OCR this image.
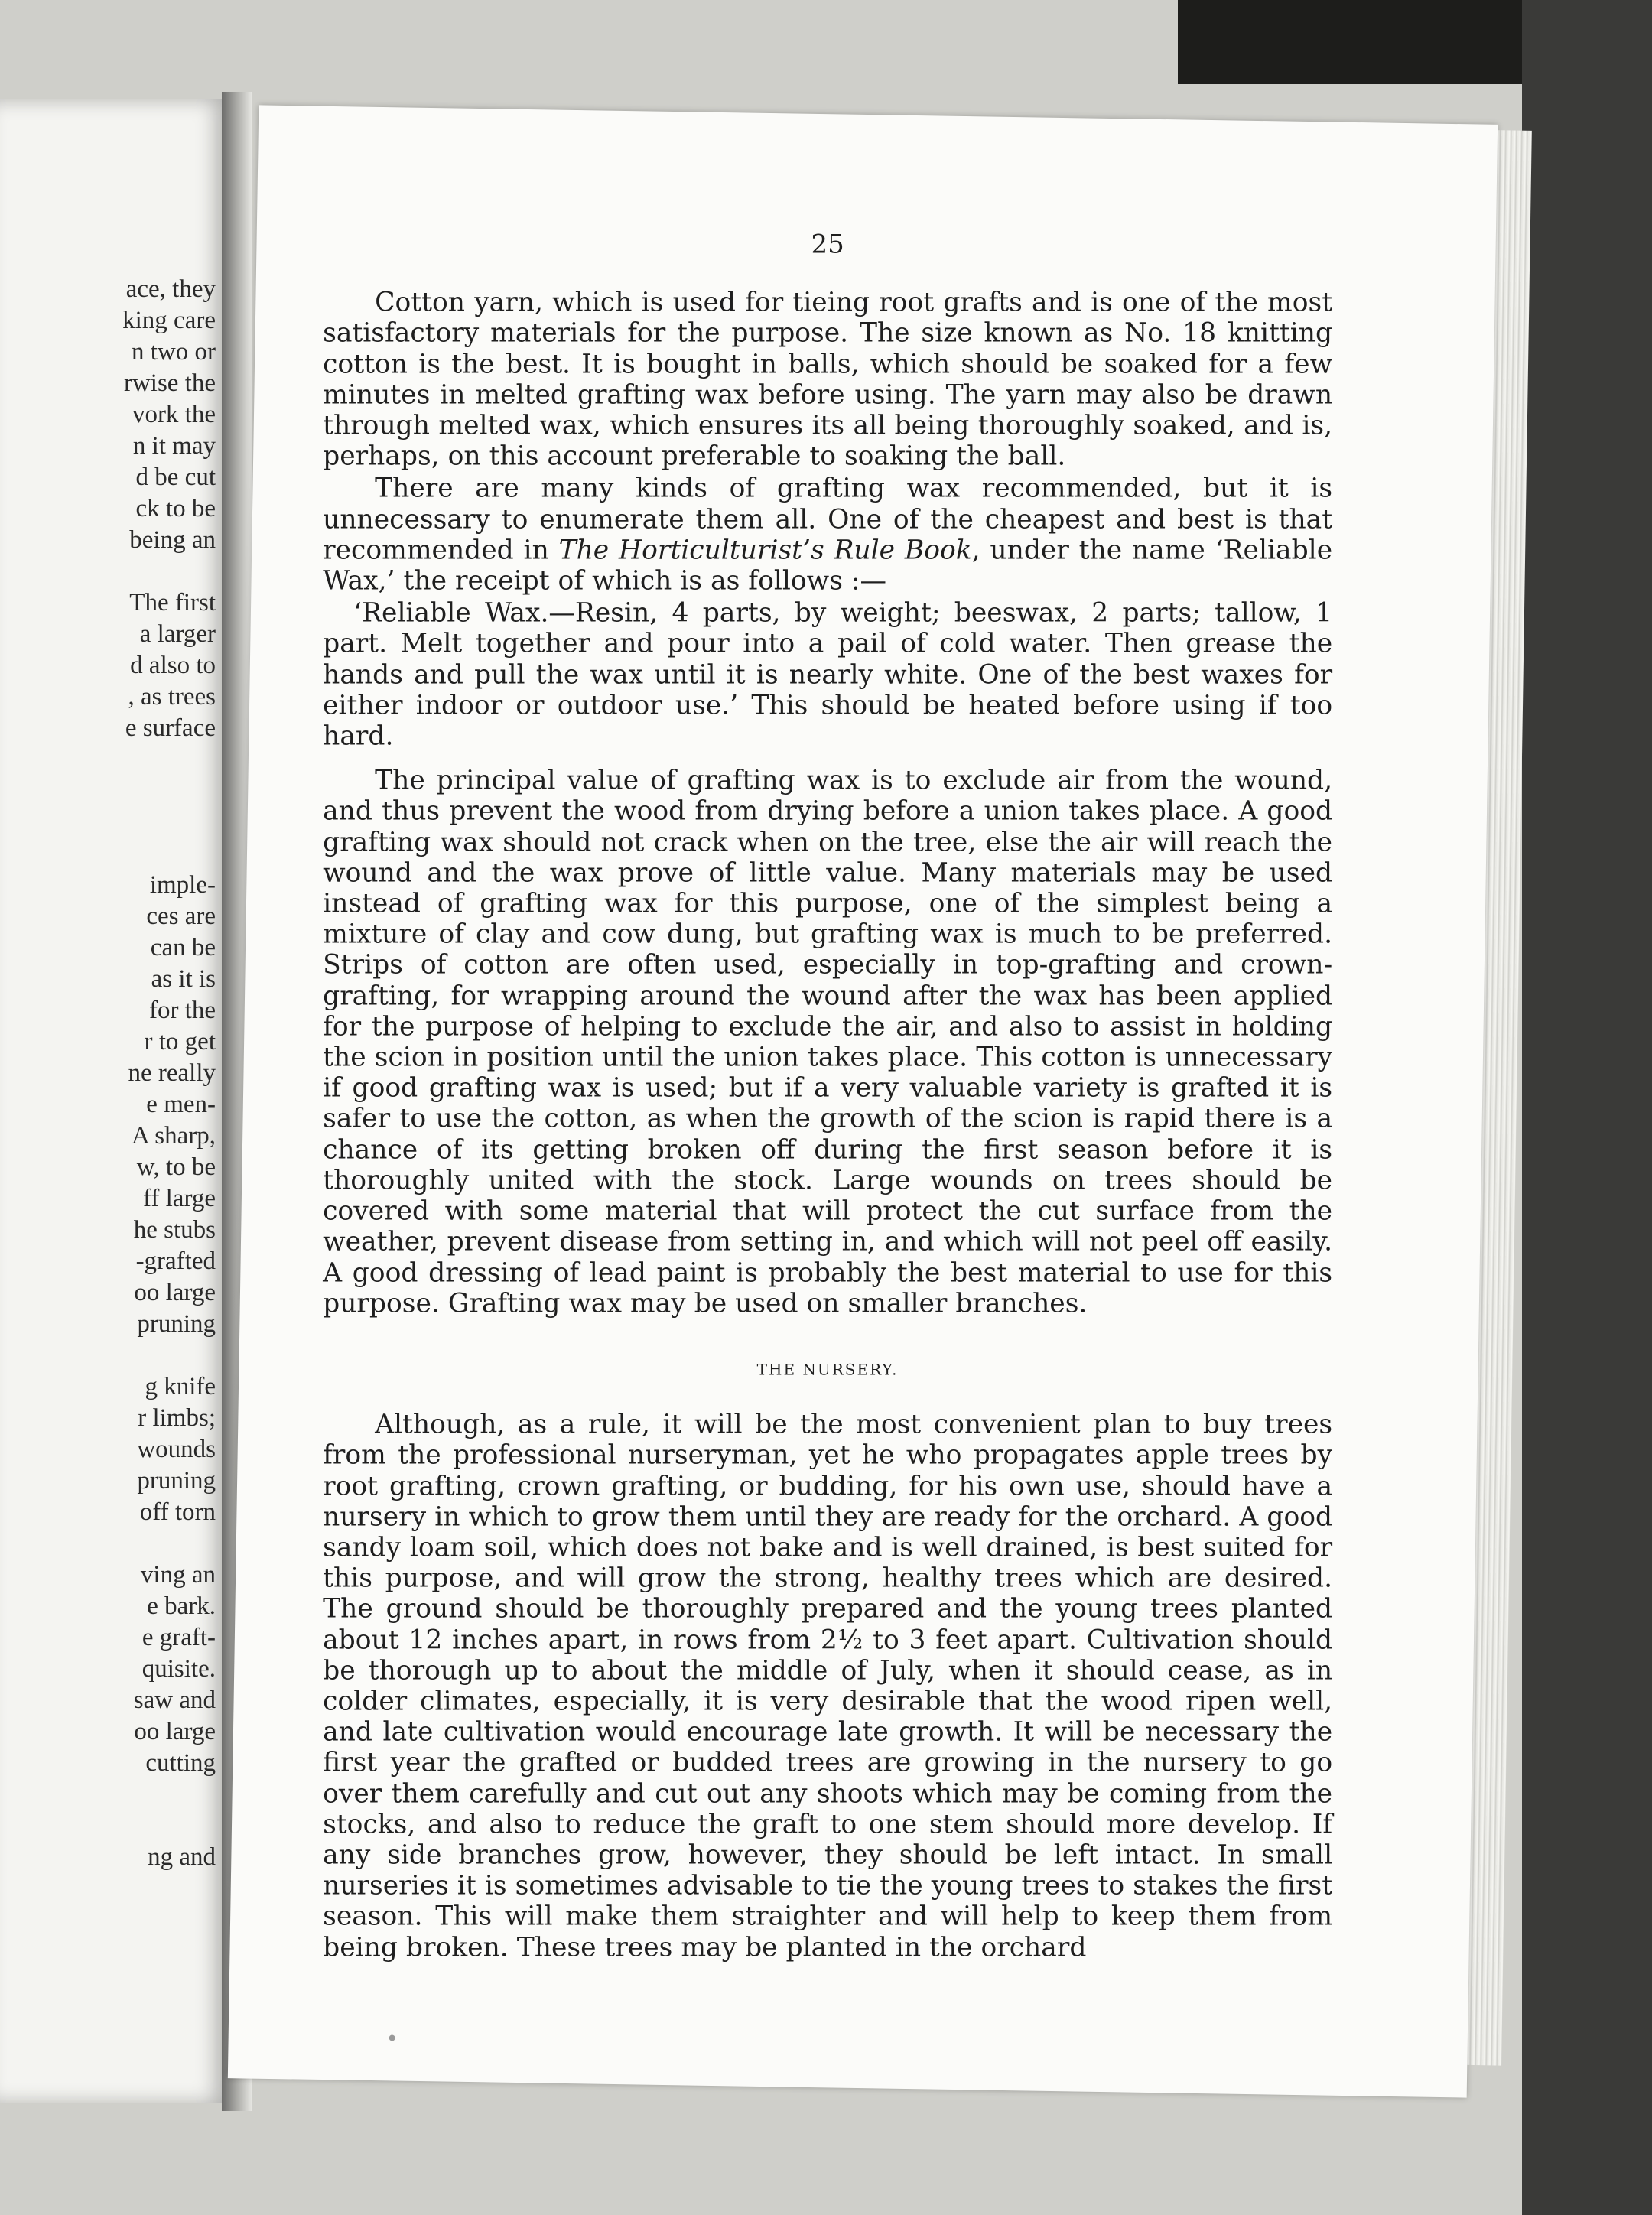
ace, they
king care
n two or
rwise the
vork the
n it may
d be cut
ck to be
being an
The first
a larger
d also to
, as trees
e surface
imple-
ces are
can be
as it is
for the
r to get
ne really
e men-
A sharp,
w, to be
ff large
he stubs
-grafted
oo large
pruning
g knife
r limbs;
wounds
pruning
off torn
ving an
e bark.
e graft-
quisite.
saw and
oo large
cutting
ng and
25

Cotton yarn, which is used for tieing root grafts and is one of the most satisfactory materials for the purpose. The size known as No. 18 knitting cotton is the best. It is bought in balls, which should be soaked for a few minutes in melted grafting wax before using. The yarn may also be drawn through melted wax, which ensures its all being thoroughly soaked, and is, perhaps, on this account preferable to soaking the ball.

There are many kinds of grafting wax recommended, but it is unnecessary to enumerate them all. One of the cheapest and best is that recommended in The Horticulturist’s Rule Book, under the name ‘Reliable Wax,’ the receipt of which is as follows :—

‘Reliable Wax.—Resin, 4 parts, by weight; beeswax, 2 parts; tallow, 1 part. Melt together and pour into a pail of cold water. Then grease the hands and pull the wax until it is nearly white. One of the best waxes for either indoor or outdoor use.’ This should be heated before using if too hard.

The principal value of grafting wax is to exclude air from the wound, and thus prevent the wood from drying before a union takes place. A good grafting wax should not crack when on the tree, else the air will reach the wound and the wax prove of little value. Many materials may be used instead of grafting wax for this purpose, one of the simplest being a mixture of clay and cow dung, but grafting wax is much to be preferred. Strips of cotton are often used, especially in top-grafting and crown-grafting, for wrapping around the wound after the wax has been applied for the purpose of helping to exclude the air, and also to assist in holding the scion in position until the union takes place. This cotton is unnecessary if good grafting wax is used; but if a very valuable variety is grafted it is safer to use the cotton, as when the growth of the scion is rapid there is a chance of its getting broken off during the first season before it is thoroughly united with the stock. Large wounds on trees should be covered with some material that will protect the cut surface from the weather, prevent disease from setting in, and which will not peel off easily. A good dressing of lead paint is probably the best material to use for this purpose. Grafting wax may be used on smaller branches.

THE NURSERY.

Although, as a rule, it will be the most convenient plan to buy trees from the professional nurseryman, yet he who propagates apple trees by root grafting, crown grafting, or budding, for his own use, should have a nursery in which to grow them until they are ready for the orchard. A good sandy loam soil, which does not bake and is well drained, is best suited for this purpose, and will grow the strong, healthy trees which are desired. The ground should be thoroughly prepared and the young trees planted about 12 inches apart, in rows from 2½ to 3 feet apart. Cultivation should be thorough up to about the middle of July, when it should cease, as in colder climates, especially, it is very desirable that the wood ripen well, and late cultivation would encourage late growth. It will be necessary the first year the grafted or budded trees are growing in the nursery to go over them carefully and cut out any shoots which may be coming from the stocks, and also to reduce the graft to one stem should more develop. If any side branches grow, however, they should be left intact. In small nurseries it is sometimes advisable to tie the young trees to stakes the first season. This will make them straighter and will help to keep them from being broken. These trees may be planted in the orchard
